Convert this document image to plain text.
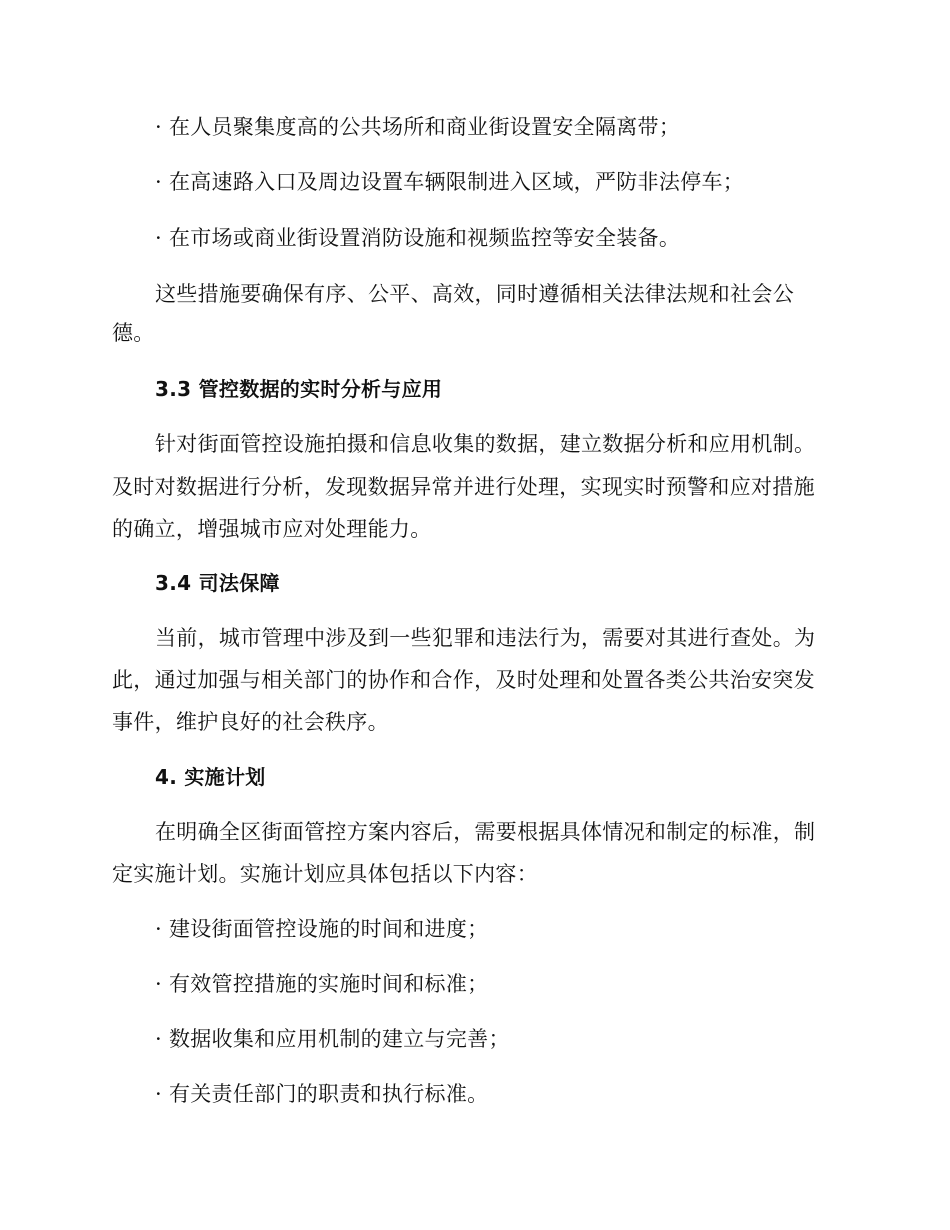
· 在人员聚集度高的公共场所和商业街设置安全隔离带；
· 在高速路入口及周边设置车辆限制进入区域，严防非法停车；
· 在市场或商业街设置消防设施和视频监控等安全装备。
这些措施要确保有序、公平、高效，同时遵循相关法律法规和社会公
德。
3.3 管控数据的实时分析与应用
针对街面管控设施拍摄和信息收集的数据，建立数据分析和应用机制。
及时对数据进行分析，发现数据异常并进行处理，实现实时预警和应对措施
的确立，增强城市应对处理能力。
3.4 司法保障
当前，城市管理中涉及到一些犯罪和违法行为，需要对其进行查处。为
此，通过加强与相关部门的协作和合作，及时处理和处置各类公共治安突发
事件，维护良好的社会秩序。
4. 实施计划
在明确全区街面管控方案内容后，需要根据具体情况和制定的标准，制
定实施计划。实施计划应具体包括以下内容：
· 建设街面管控设施的时间和进度；
· 有效管控措施的实施时间和标准；
· 数据收集和应用机制的建立与完善；
· 有关责任部门的职责和执行标准。
